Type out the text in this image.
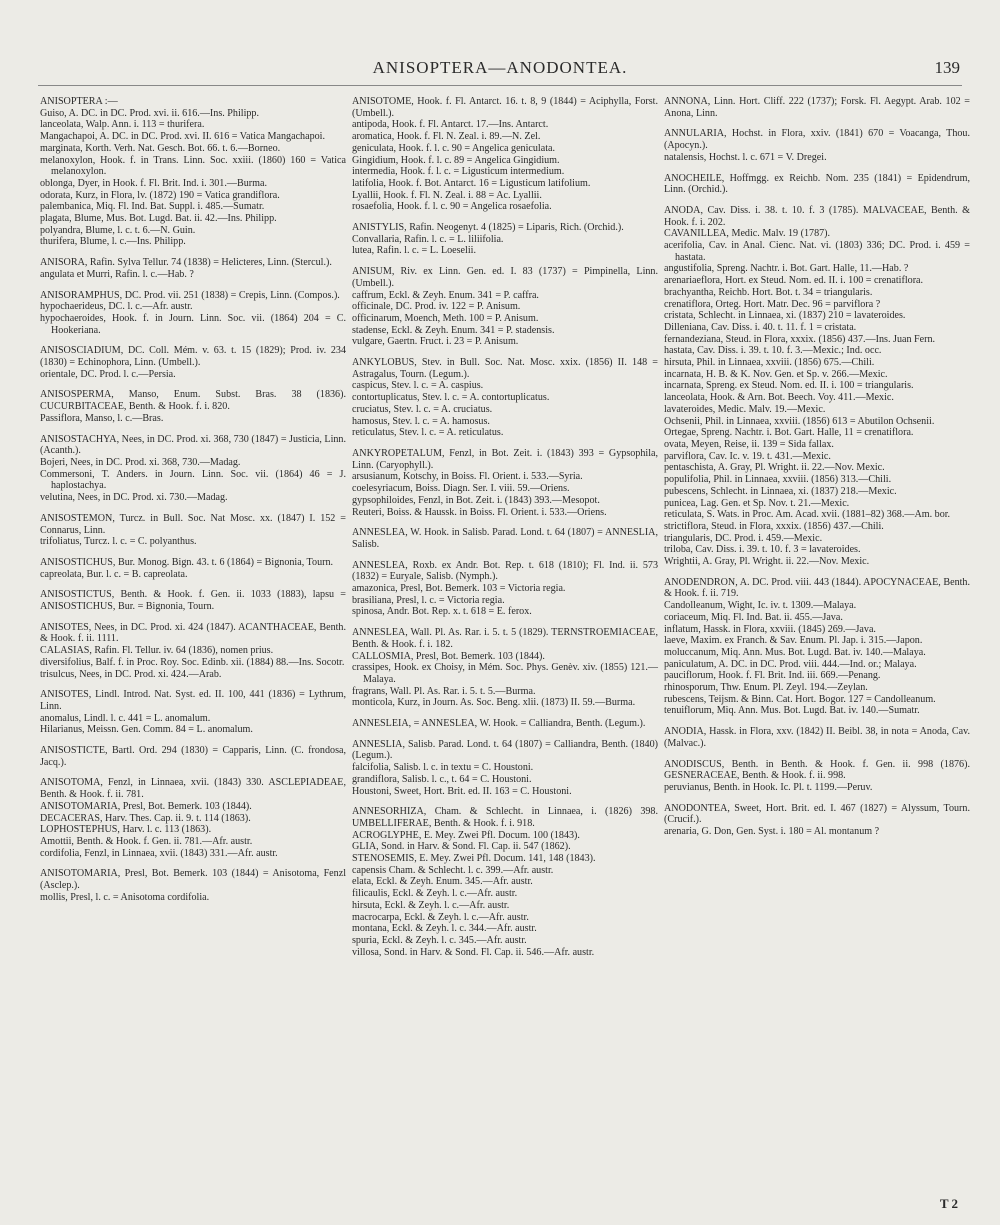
ANISOPTERA—ANODONTEA.	139
ANISOPTERA :—
Guiso, A. DC. in DC. Prod. xvi. ii. 616.—Ins. Philipp.
lanceolata, Walp. Ann. i. 113 = thurifera.
Mangachapoi, A. DC. in DC. Prod. xvi. II. 616 = Vatica Mangachapoi.
marginata, Korth. Verh. Nat. Gesch. Bot. 66. t. 6.—Borneo.
melanoxylon, Hook. f. in Trans. Linn. Soc. xxiii. (1860) 160 = Vatica melanoxylon.
oblonga, Dyer, in Hook. f. Fl. Brit. Ind. i. 301.—Burma.
odorata, Kurz, in Flora, lv. (1872) 190 = Vatica grandiflora.
palembanica, Miq. Fl. Ind. Bat. Suppl. i. 485.—Sumatr.
plagata, Blume, Mus. Bot. Lugd. Bat. ii. 42.—Ins. Philipp.
polyandra, Blume, l. c. t. 6.—N. Guin.
thurifera, Blume, l. c.—Ins. Philipp.
ANISORA, Rafin. Sylva Tellur. 74 (1838) = Helicteres, Linn. (Stercul.).
angulata et Murri, Rafin. l. c.—Hab. ?
ANISORAMPHUS, DC. Prod. vii. 251 (1838) = Crepis, Linn. (Compos.).
hypochaerideus, DC. l. c.—Afr. austr.
hypochaeroides, Hook. f. in Journ. Linn. Soc. vii. (1864) 204 = C. Hookeriana.
ANISOSCIADIUM, DC. Coll. Mém. v. 63. t. 15 (1829); Prod. iv. 234 (1830) = Echinophora, Linn. (Umbell.).
orientale, DC. Prod. l. c.—Persia.
ANISOSPERMA, Manso, Enum. Subst. Bras. 38 (1836). CUCURBITACEAE, Benth. & Hook. f. i. 820.
Passiflora, Manso, l. c.—Bras.
ANISOSTACHYA, Nees, in DC. Prod. xi. 368, 730 (1847) = Justicia, Linn. (Acanth.).
Bojeri, Nees, in DC. Prod. xi. 368, 730.—Madag.
Commersoni, T. Anders. in Journ. Linn. Soc. vii. (1864) 46 = J. haplostachya.
velutina, Nees, in DC. Prod. xi. 730.—Madag.
ANISOSTEMON, Turcz. in Bull. Soc. Nat Mosc. xx. (1847) I. 152 = Connarus, Linn.
trifoliatus, Turcz. l. c. = C. polyanthus.
ANISOSTICHUS, Bur. Monog. Bign. 43. t. 6 (1864) = Bignonia, Tourn.
capreolata, Bur. l. c. = B. capreolata.
ANISOSTICTUS, Benth. & Hook. f. Gen. ii. 1033 (1883), lapsu = ANISOSTICHUS, Bur. = Bignonia, Tourn.
ANISOTES, Nees, in DC. Prod. xi. 424 (1847). ACANTHACEAE, Benth. & Hook. f. ii. 1111.
CALASIAS, Rafin. Fl. Tellur. iv. 64 (1836), nomen prius.
diversifolius, Balf. f. in Proc. Roy. Soc. Edinb. xii. (1884) 88.—Ins. Socotr.
trisulcus, Nees, in DC. Prod. xi. 424.—Arab.
ANISOTES, Lindl. Introd. Nat. Syst. ed. II. 100, 441 (1836) = Lythrum, Linn.
anomalus, Lindl. l. c. 441 = L. anomalum.
Hilarianus, Meissn. Gen. Comm. 84 = L. anomalum.
ANISOSTICTE, Bartl. Ord. 294 (1830) = Capparis, Linn. (C. frondosa, Jacq.).
ANISOTOMA, Fenzl, in Linnaea, xvii. (1843) 330. ASCLEPIADEAE, Benth. & Hook. f. ii. 781.
ANISOTOMARIA, Presl, Bot. Bemerk. 103 (1844).
DECACERAS, Harv. Thes. Cap. ii. 9. t. 114 (1863).
LOPHOSTEPHUS, Harv. l. c. 113 (1863).
Amottii, Benth. & Hook. f. Gen. ii. 781.—Afr. austr.
cordifolia, Fenzl, in Linnaea, xvii. (1843) 331.—Afr. austr.
ANISOTOMARIA, Presl, Bot. Bemerk. 103 (1844) = Anisotoma, Fenzl (Asclep.).
mollis, Presl, l. c. = Anisotoma cordifolia.
ANISOTOME, Hook. f. Fl. Antarct. 16. t. 8, 9 (1844) = Aciphylla, Forst. (Umbell.).
antipoda, Hook. f. Fl. Antarct. 17.—Ins. Antarct.
aromatica, Hook. f. Fl. N. Zeal. i. 89.—N. Zel.
geniculata, Hook. f. l. c. 90 = Angelica geniculata.
Gingidium, Hook. f. l. c. 89 = Angelica Gingidium.
intermedia, Hook. f. l. c. = Ligusticum intermedium.
latifolia, Hook. f. Bot. Antarct. 16 = Ligusticum latifolium.
Lyallii, Hook. f. Fl. N. Zeal. i. 88 = Ac. Lyallii.
rosaefolia, Hook. f. l. c. 90 = Angelica rosaefolia.
ANISTYLIS, Rafin. Neogenyt. 4 (1825) = Liparis, Rich. (Orchid.).
Convallaria, Rafin. l. c. = L. liliifolia.
lutea, Rafin. l. c. = L. Loeselii.
ANISUM, Riv. ex Linn. Gen. ed. I. 83 (1737) = Pimpinella, Linn. (Umbell.).
caffrum, Eckl. & Zeyh. Enum. 341 = P. caffra.
officinale, DC. Prod. iv. 122 = P. Anisum.
officinarum, Moench, Meth. 100 = P. Anisum.
stadense, Eckl. & Zeyh. Enum. 341 = P. stadensis.
vulgare, Gaertn. Fruct. i. 23 = P. Anisum.
ANKYLOBUS, Stev. in Bull. Soc. Nat. Mosc. xxix. (1856) II. 148 = Astragalus, Tourn. (Legum.).
caspicus, Stev. l. c. = A. caspius.
contortuplicatus, Stev. l. c. = A. contortuplicatus.
cruciatus, Stev. l. c. = A. cruciatus.
hamosus, Stev. l. c. = A. hamosus.
reticulatus, Stev. l. c. = A. reticulatus.
ANKYROPETALUM, Fenzl, in Bot. Zeit. i. (1843) 393 = Gypsophila, Linn. (Caryophyll.).
arsusianum, Kotschy, in Boiss. Fl. Orient. i. 533.—Syria.
coelesyriacum, Boiss. Diagn. Ser. I. viii. 59.—Oriens.
gypsophiloides, Fenzl, in Bot. Zeit. i. (1843) 393.—Mesopot.
Reuteri, Boiss. & Haussk. in Boiss. Fl. Orient. i. 533.—Oriens.
ANNESLEA, W. Hook. in Salisb. Parad. Lond. t. 64 (1807) = ANNESLIA, Salisb.
ANNESLEA, Roxb. ex Andr. Bot. Rep. t. 618 (1810); Fl. Ind. ii. 573 (1832) = Euryale, Salisb. (Nymph.).
amazonica, Presl, Bot. Bemerk. 103 = Victoria regia.
brasiliana, Presl, l. c. = Victoria regia.
spinosa, Andr. Bot. Rep. x. t. 618 = E. ferox.
ANNESLEA, Wall. Pl. As. Rar. i. 5. t. 5 (1829). TERNSTROEMIACEAE, Benth. & Hook. f. i. 182.
CALLOSMIA, Presl, Bot. Bemerk. 103 (1844).
crassipes, Hook. ex Choisy, in Mém. Soc. Phys. Genèv. xiv. (1855) 121.—Malaya.
fragrans, Wall. Pl. As. Rar. i. 5. t. 5.—Burma.
monticola, Kurz, in Journ. As. Soc. Beng. xlii. (1873) II. 59.—Burma.
ANNESLEIA, = ANNESLEA, W. Hook. = Calliandra, Benth. (Legum.).
ANNESLIA, Salisb. Parad. Lond. t. 64 (1807) = Calliandra, Benth. (1840) (Legum.).
falcifolia, Salisb. l. c. in textu = C. Houstoni.
grandiflora, Salisb. l. c., t. 64 = C. Houstoni.
Houstoni, Sweet, Hort. Brit. ed. II. 163 = C. Houstoni.
ANNESORHIZA, Cham. & Schlecht. in Linnaea, i. (1826) 398. UMBELLIFERAE, Benth. & Hook. f. i. 918.
ACROGLYPHE, E. Mey. Zwei Pfl. Docum. 100 (1843).
GLIA, Sond. in Harv. & Sond. Fl. Cap. ii. 547 (1862).
STENOSEMIS, E. Mey. Zwei Pfl. Docum. 141, 148 (1843).
capensis Cham. & Schlecht. l. c. 399.—Afr. austr.
elata, Eckl. & Zeyh. Enum. 345.—Afr. austr.
filicaulis, Eckl. & Zeyh. l. c.—Afr. austr.
hirsuta, Eckl. & Zeyh. l. c.—Afr. austr.
macrocarpa, Eckl. & Zeyh. l. c.—Afr. austr.
montana, Eckl. & Zeyh. l. c. 344.—Afr. austr.
spuria, Eckl. & Zeyh. l. c. 345.—Afr. austr.
villosa, Sond. in Harv. & Sond. Fl. Cap. ii. 546.—Afr. austr.
ANNONA, Linn. Hort. Cliff. 222 (1737); Forsk. Fl. Aegypt. Arab. 102 = Anona, Linn.
ANNULARIA, Hochst. in Flora, xxiv. (1841) 670 = Voacanga, Thou. (Apocyn.).
natalensis, Hochst. l. c. 671 = V. Dregei.
ANOCHEILE, Hoffmgg. ex Reichb. Nom. 235 (1841) = Epidendrum, Linn. (Orchid.).
ANODA, Cav. Diss. i. 38. t. 10. f. 3 (1785). MALVACEAE, Benth. & Hook. f. i. 202.
CAVANILLEA, Medic. Malv. 19 (1787).
acerifolia, Cav. in Anal. Cienc. Nat. vi. (1803) 336; DC. Prod. i. 459 = hastata.
angustifolia, Spreng. Nachtr. i. Bot. Gart. Halle, 11.—Hab. ?
arenariaeflora, Hort. ex Steud. Nom. ed. II. i. 100 = crenatiflora.
brachyantha, Reichb. Hort. Bot. t. 34 = triangularis.
crenatiflora, Orteg. Hort. Matr. Dec. 96 = parviflora ?
cristata, Schlecht. in Linnaea, xi. (1837) 210 = lavateroides.
Dilleniana, Cav. Diss. i. 40. t. 11. f. 1 = cristata.
fernandeziana, Steud. in Flora, xxxix. (1856) 437.—Ins. Juan Fern.
hastata, Cav. Diss. i. 39. t. 10. f. 3.—Mexic.; Ind. occ.
hirsuta, Phil. in Linnaea, xxviii. (1856) 675.—Chili.
incarnata, H. B. & K. Nov. Gen. et Sp. v. 266.—Mexic.
incarnata, Spreng. ex Steud. Nom. ed. II. i. 100 = triangularis.
lanceolata, Hook. & Arn. Bot. Beech. Voy. 411.—Mexic.
lavateroides, Medic. Malv. 19.—Mexic.
Ochsenii, Phil. in Linnaea, xxviii. (1856) 613 = Abutilon Ochsenii.
Ortegae, Spreng. Nachtr. i. Bot. Gart. Halle, 11 = crenatiflora.
ovata, Meyen, Reise, ii. 139 = Sida fallax.
parviflora, Cav. Ic. v. 19. t. 431.—Mexic.
pentaschista, A. Gray, Pl. Wright. ii. 22.—Nov. Mexic.
populifolia, Phil. in Linnaea, xxviii. (1856) 313.—Chili.
pubescens, Schlecht. in Linnaea, xi. (1837) 218.—Mexic.
punicea, Lag. Gen. et Sp. Nov. t. 21.—Mexic.
reticulata, S. Wats. in Proc. Am. Acad. xvii. (1881–82) 368.—Am. bor.
strictiflora, Steud. in Flora, xxxix. (1856) 437.—Chili.
triangularis, DC. Prod. i. 459.—Mexic.
triloba, Cav. Diss. i. 39. t. 10. f. 3 = lavateroides.
Wrightii, A. Gray, Pl. Wright. ii. 22.—Nov. Mexic.
ANODENDRON, A. DC. Prod. viii. 443 (1844). APOCYNACEAE, Benth. & Hook. f. ii. 719.
Candolleanum, Wight, Ic. iv. t. 1309.—Malaya.
coriaceum, Miq. Fl. Ind. Bat. ii. 455.—Java.
inflatum, Hassk. in Flora, xxviii. (1845) 269.—Java.
laeve, Maxim. ex Franch. & Sav. Enum. Pl. Jap. i. 315.—Japon.
moluccanum, Miq. Ann. Mus. Bot. Lugd. Bat. iv. 140.—Malaya.
paniculatum, A. DC. in DC. Prod. viii. 444.—Ind. or.; Malaya.
pauciflorum, Hook. f. Fl. Brit. Ind. iii. 669.—Penang.
rhinosporum, Thw. Enum. Pl. Zeyl. 194.—Zeylan.
rubescens, Teijsm. & Binn. Cat. Hort. Bogor. 127 = Candolleanum.
tenuiflorum, Miq. Ann. Mus. Bot. Lugd. Bat. iv. 140.—Sumatr.
ANODIA, Hassk. in Flora, xxv. (1842) II. Beibl. 38, in nota = Anoda, Cav. (Malvac.).
ANODISCUS, Benth. in Benth. & Hook. f. Gen. ii. 998 (1876). GESNERACEAE, Benth. & Hook. f. ii. 998.
peruvianus, Benth. in Hook. Ic. Pl. t. 1199.—Peruv.
ANODONTEA, Sweet, Hort. Brit. ed. I. 467 (1827) = Alyssum, Tourn. (Crucif.).
arenaria, G. Don, Gen. Syst. i. 180 = Al. montanum ?
T 2
